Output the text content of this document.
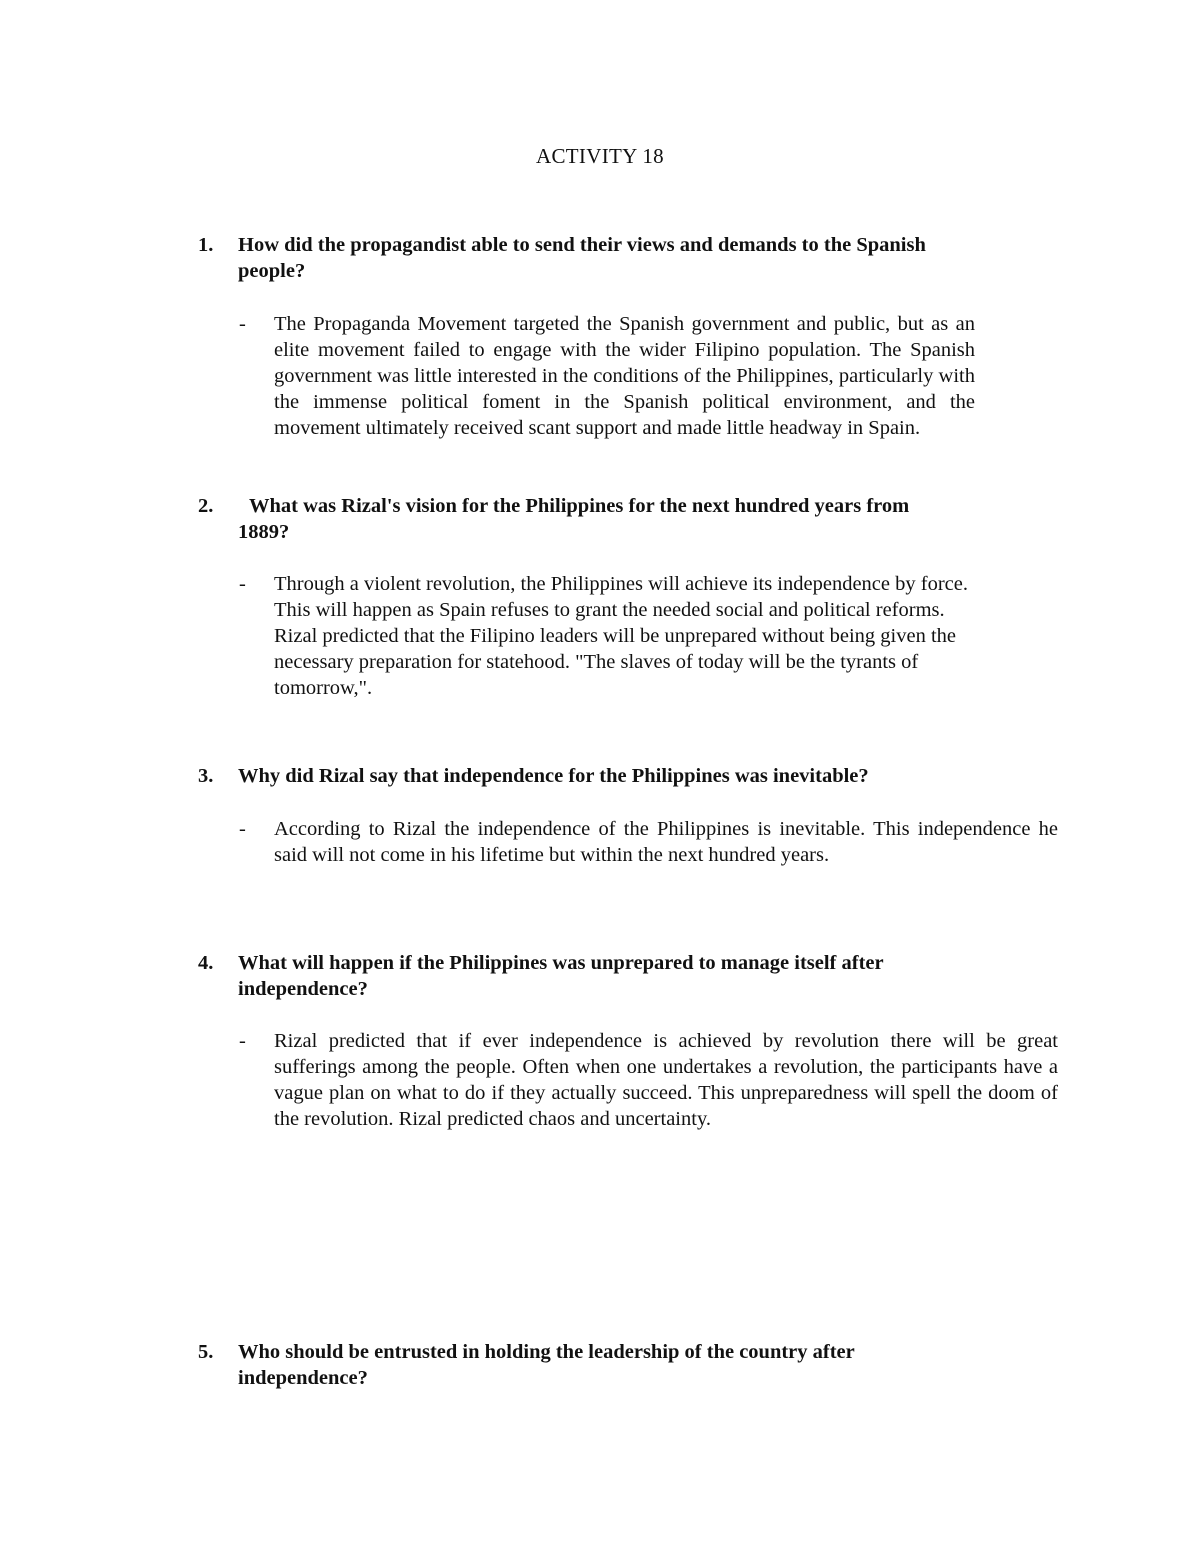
ACTIVITY 18
1. How did the propagandist able to send their views and demands to the Spanish people?
- The Propaganda Movement targeted the Spanish government and public, but as an elite movement failed to engage with the wider Filipino population. The Spanish government was little interested in the conditions of the Philippines, particularly with the immense political foment in the Spanish political environment, and the movement ultimately received scant support and made little headway in Spain.
2.	What was Rizal's vision for the Philippines for the next hundred years from 1889?
- Through a violent revolution, the Philippines will achieve its independence by force. This will happen as Spain refuses to grant the needed social and political reforms. Rizal predicted that the Filipino leaders will be unprepared without being given the necessary preparation for statehood. "The slaves of today will be the tyrants of tomorrow,".
3. Why did Rizal say that independence for the Philippines was inevitable?
- According to Rizal the independence of the Philippines is inevitable. This independence he said will not come in his lifetime but within the next hundred years.
4. What will happen if the Philippines was unprepared to manage itself after independence?
- Rizal predicted that if ever independence is achieved by revolution there will be great sufferings among the people. Often when one undertakes a revolution, the participants have a vague plan on what to do if they actually succeed. This unpreparedness will spell the doom of the revolution. Rizal predicted chaos and uncertainty.
5. Who should be entrusted in holding the leadership of the country after independence?
